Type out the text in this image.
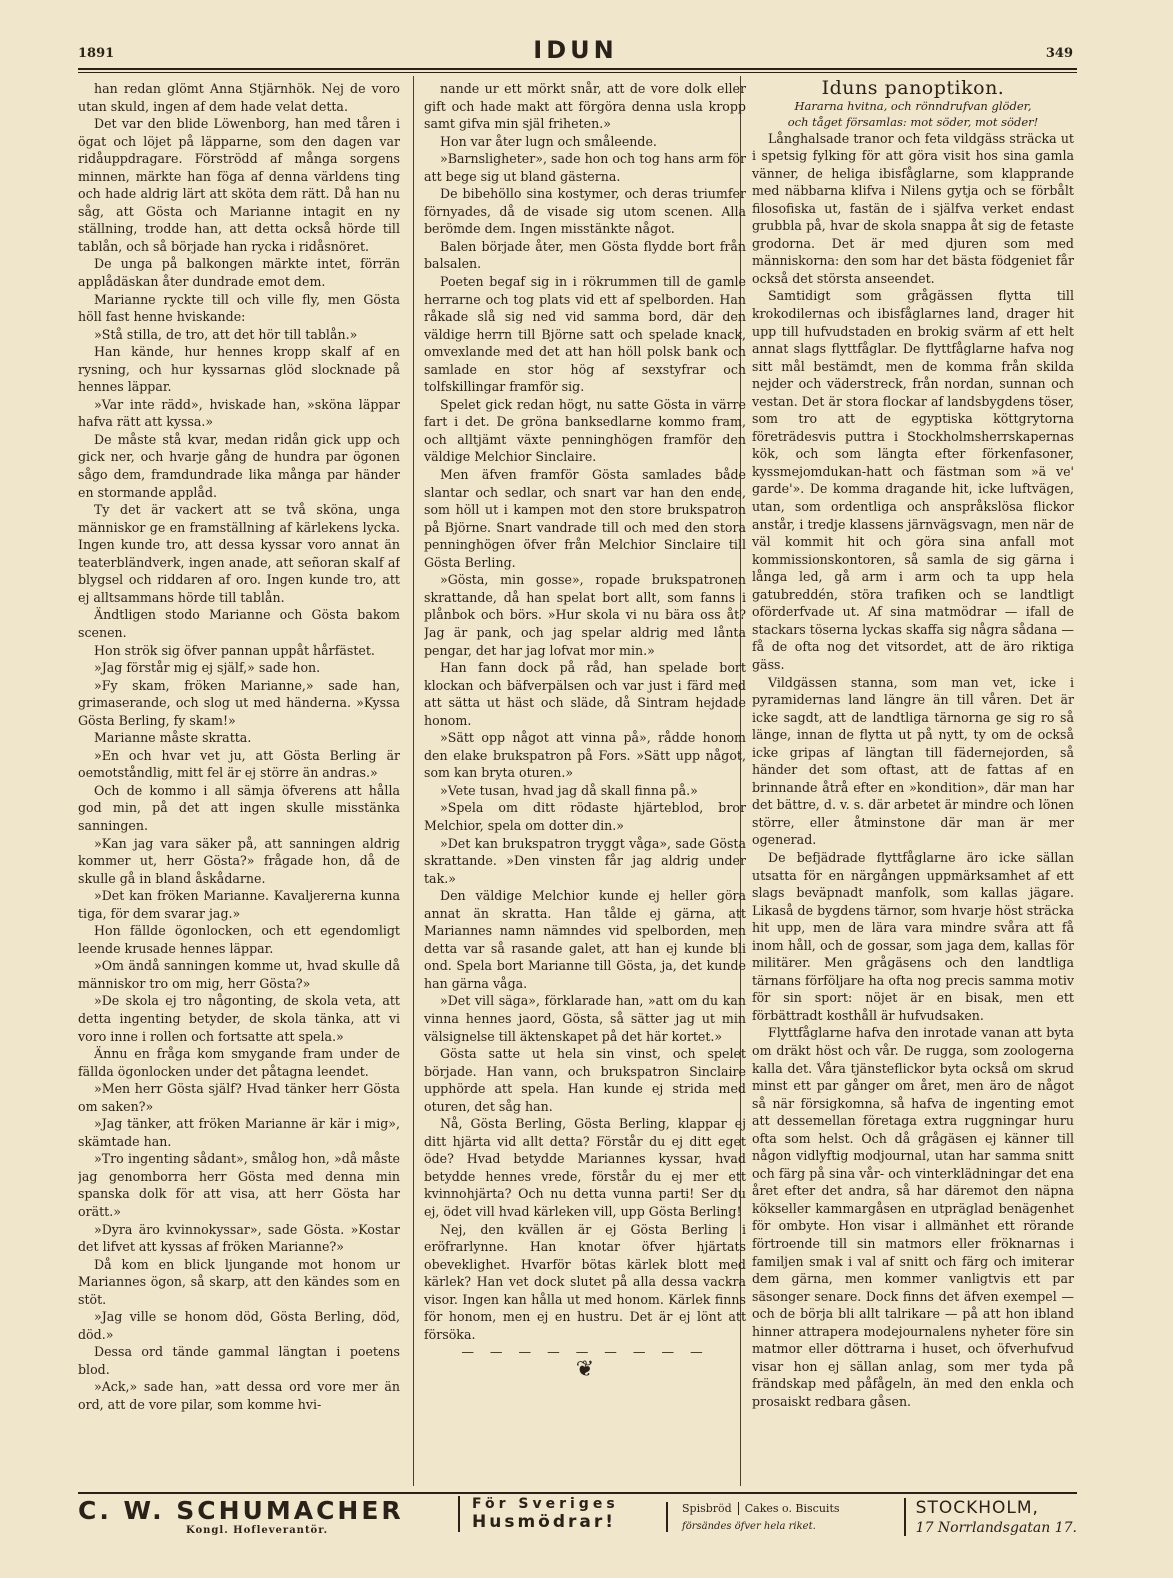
1891	IDUN	349

han redan glömt Anna Stjärnhök. Nej de voro utan skuld, ingen af dem hade velat detta.

Det var den blide Löwenborg, han med tåren i ögat och löjet på läpparne, som den dagen var ridåuppdragare. Förströdd af många sorgens minnen, märkte han föga af denna världens ting och hade aldrig lärt att sköta dem rätt. Då han nu såg, att Gösta och Marianne intagit en ny ställning, trodde han, att detta också hörde till tablån, och så började han rycka i ridåsnöret.

De unga på balkongen märkte intet, förrän applådäskan åter dundrade emot dem.

Marianne ryckte till och ville fly, men Gösta höll fast henne hviskande:

»Stå stilla, de tro, att det hör till tablån.»

Han kände, hur hennes kropp skalf af en rysning, och hur kyssarnas glöd slocknade på hennes läppar.

»Var inte rädd», hviskade han, »sköna läppar hafva rätt att kyssa.»

De måste stå kvar, medan ridån gick upp och gick ner, och hvarje gång de hundra par ögonen sågo dem, framdundrade lika många par händer en stormande applåd.

Ty det är vackert att se två sköna, unga människor ge en framställning af kärlekens lycka. Ingen kunde tro, att dessa kyssar voro annat än teaterbländverk, ingen anade, att señoran skalf af blygsel och riddaren af oro. Ingen kunde tro, att ej alltsammans hörde till tablån.

Ändtligen stodo Marianne och Gösta bakom scenen.

Hon strök sig öfver pannan uppåt hårfästet.

»Jag förstår mig ej själf,» sade hon.

»Fy skam, fröken Marianne,» sade han, grimaserande, och slog ut med händerna. »Kyssa Gösta Berling, fy skam!»

Marianne måste skratta.

»En och hvar vet ju, att Gösta Berling är oemotståndlig, mitt fel är ej större än andras.»

Och de kommo i all sämja öfverens att hålla god min, på det att ingen skulle misstänka sanningen.

»Kan jag vara säker på, att sanningen aldrig kommer ut, herr Gösta?» frågade hon, då de skulle gå in bland åskådarne.

»Det kan fröken Marianne. Kavaljererna kunna tiga, för dem svarar jag.»

Hon fällde ögonlocken, och ett egendomligt leende krusade hennes läppar.

»Om ändå sanningen komme ut, hvad skulle då människor tro om mig, herr Gösta?»

»De skola ej tro någonting, de skola veta, att detta ingenting betyder, de skola tänka, att vi voro inne i rollen och fortsatte att spela.»

Ännu en fråga kom smygande fram under de fällda ögonlocken under det påtagna leendet.

»Men herr Gösta själf? Hvad tänker herr Gösta om saken?»

»Jag tänker, att fröken Marianne är kär i mig», skämtade han.

»Tro ingenting sådant», smålog hon, »då måste jag genomborra herr Gösta med denna min spanska dolk för att visa, att herr Gösta har orätt.»

»Dyra äro kvinnokyssar», sade Gösta. »Kostar det lifvet att kyssas af fröken Marianne?»

Då kom en blick ljungande mot honom ur Mariannes ögon, så skarp, att den kändes som en stöt.

»Jag ville se honom död, Gösta Berling, död, död.»

Dessa ord tände gammal längtan i poetens blod.

»Ack,» sade han, »att dessa ord vore mer än ord, att de vore pilar, som komme hvi-

nande ur ett mörkt snår, att de vore dolk eller gift och hade makt att förgöra denna usla kropp samt gifva min själ friheten.»

Hon var åter lugn och småleende.

»Barnsligheter», sade hon och tog hans arm för att bege sig ut bland gästerna.

De bibehöllo sina kostymer, och deras triumfer förnyades, då de visade sig utom scenen. Alla berömde dem. Ingen misstänkte något.

Balen började åter, men Gösta flydde bort från balsalen.

Poeten begaf sig in i rökrummen till de gamle herrarne och tog plats vid ett af spelborden. Han råkade slå sig ned vid samma bord, där den väldige herrn till Björne satt och spelade knack, omvexlande med det att han höll polsk bank och samlade en stor hög af sexstyfrar och tolfskillingar framför sig.

Spelet gick redan högt, nu satte Gösta in värre fart i det. De gröna banksedlarne kommo fram, och alltjämt växte penninghögen framför den väldige Melchior Sinclaire.

Men äfven framför Gösta samlades både slantar och sedlar, och snart var han den ende, som höll ut i kampen mot den store brukspatron på Björne. Snart vandrade till och med den stora penninghögen öfver från Melchior Sinclaire till Gösta Berling.

»Gösta, min gosse», ropade brukspatronen skrattande, då han spelat bort allt, som fanns i plånbok och börs. »Hur skola vi nu bära oss åt? Jag är pank, och jag spelar aldrig med lånta pengar, det har jag lofvat mor min.»

Han fann dock på råd, han spelade bort klockan och bäfverpälsen och var just i färd med att sätta ut häst och släde, då Sintram hejdade honom.

»Sätt opp något att vinna på», rådde honom den elake brukspatron på Fors. »Sätt upp något, som kan bryta oturen.»

»Vete tusan, hvad jag då skall finna på.»

»Spela om ditt rödaste hjärteblod, bror Melchior, spela om dotter din.»

»Det kan brukspatron tryggt våga», sade Gösta skrattande. »Den vinsten får jag aldrig under tak.»

Den väldige Melchior kunde ej heller göra annat än skratta. Han tålde ej gärna, att Mariannes namn nämndes vid spelborden, men detta var så rasande galet, att han ej kunde bli ond. Spela bort Marianne till Gösta, ja, det kunde han gärna våga.

»Det vill säga», förklarade han, »att om du kan vinna hennes jaord, Gösta, så sätter jag ut min välsignelse till äktenskapet på det här kortet.»

Gösta satte ut hela sin vinst, och spelet började. Han vann, och brukspatron Sinclaire upphörde att spela. Han kunde ej strida med oturen, det såg han.

Nå, Gösta Berling, Gösta Berling, klappar ej ditt hjärta vid allt detta? Förstår du ej ditt eget öde? Hvad betydde Mariannes kyssar, hvad betydde hennes vrede, förstår du ej mer ett kvinnohjärta? Och nu detta vunna parti! Ser du ej, ödet vill hvad kärleken vill, upp Gösta Berling!

Nej, den kvällen är ej Gösta Berling i eröfrarlynne. Han knotar öfver hjärtats obeveklighet. Hvarför bötas kärlek blott med kärlek? Han vet dock slutet på alla dessa vackra visor. Ingen kan hålla ut med honom. Kärlek finns för honom, men ej en hustru. Det är ej lönt att försöka.

— — — — — — — — —

❦

Iduns panoptikon.

Hararna hvitna, och rönndrufvan glöder,

och tåget församlas: mot söder, mot söder!

Långhalsade tranor och feta vildgäss sträcka ut i spetsig fylking för att göra visit hos sina gamla vänner, de heliga ibisfåglarne, som klapprande med näbbarna klifva i Nilens gytja och se förbålt filosofiska ut, fastän de i själfva verket endast grubbla på, hvar de skola snappa åt sig de fetaste grodorna. Det är med djuren som med människorna: den som har det bästa födgeniet får också det största anseendet.

Samtidigt som grågässen flytta till krokodilernas och ibisfåglarnes land, drager hit upp till hufvudstaden en brokig svärm af ett helt annat slags flyttfåglar. De flyttfåglarne hafva nog sitt mål bestämdt, men de komma från skilda nejder och väderstreck, från nordan, sunnan och vestan. Det är stora flockar af landsbygdens töser, som tro att de egyptiska köttgrytorna företrädesvis puttra i Stockholmsherrskapernas kök, och som längta efter förkenfasoner, kyssmejomdukan-hatt och fästman som »ä ve' garde'». De komma dragande hit, icke luftvägen, utan, som ordentliga och anspråkslösa flickor anstår, i tredje klassens järnvägsvagn, men när de väl kommit hit och göra sina anfall mot kommissionskontoren, så samla de sig gärna i långa led, gå arm i arm och ta upp hela gatubreddén, störa trafiken och se landtligt oförderfvade ut. Af sina matmödrar — ifall de stackars töserna lyckas skaffa sig några sådana — få de ofta nog det vitsordet, att de äro riktiga gäss.

Vildgässen stanna, som man vet, icke i pyramidernas land längre än till våren. Det är icke sagdt, att de landtliga tärnorna ge sig ro så länge, innan de flytta ut på nytt, ty om de också icke gripas af längtan till fädernejorden, så händer det som oftast, att de fattas af en brinnande åtrå efter en »kondition», där man har det bättre, d. v. s. där arbetet är mindre och lönen större, eller åtminstone där man är mer ogenerad.

De befjädrade flyttfåglarne äro icke sällan utsatta för en närgången uppmärksamhet af ett slags beväpnadt manfolk, som kallas jägare. Likaså de bygdens tärnor, som hvarje höst sträcka hit upp, men de lära vara mindre svåra att få inom håll, och de gossar, som jaga dem, kallas för militärer. Men grågäsens och den landtliga tärnans förföljare ha ofta nog precis samma motiv för sin sport: nöjet är en bisak, men ett förbättradt kosthåll är hufvudsaken.

Flyttfåglarne hafva den inrotade vanan att byta om dräkt höst och vår. De rugga, som zoologerna kalla det. Våra tjänsteflickor byta också om skrud minst ett par gånger om året, men äro de något så när försigkomna, så hafva de ingenting emot att dessemellan företaga extra ruggningar huru ofta som helst. Och då grågäsen ej känner till någon vidlyftig modjournal, utan har samma snitt och färg på sina vår- och vinterklädningar det ena året efter det andra, så har däremot den näpna kökseller kammargåsen en utpräglad benägenhet för ombyte. Hon visar i allmänhet ett rörande förtroende till sin matmors eller fröknarnas i familjen smak i val af snitt och färg och imiterar dem gärna, men kommer vanligtvis ett par säsonger senare. Dock finns det äfven exempel — och de börja bli allt talrikare — på att hon ibland hinner attrapera modejournalens nyheter före sin matmor eller döttrarna i huset, och öfverhufvud visar hon ej sällan anlag, som mer tyda på frändskap med påfågeln, än med den enkla och prosaiskt redbara gåsen.

C. W. SCHUMACHER
Kongl. Hofleverantör.
För Sveriges
Husmödrar!
Spisbröd Cakes o. Biscuits
försändes öfver hela riket.
STOCKHOLM,
17 Norrlandsgatan 17.
